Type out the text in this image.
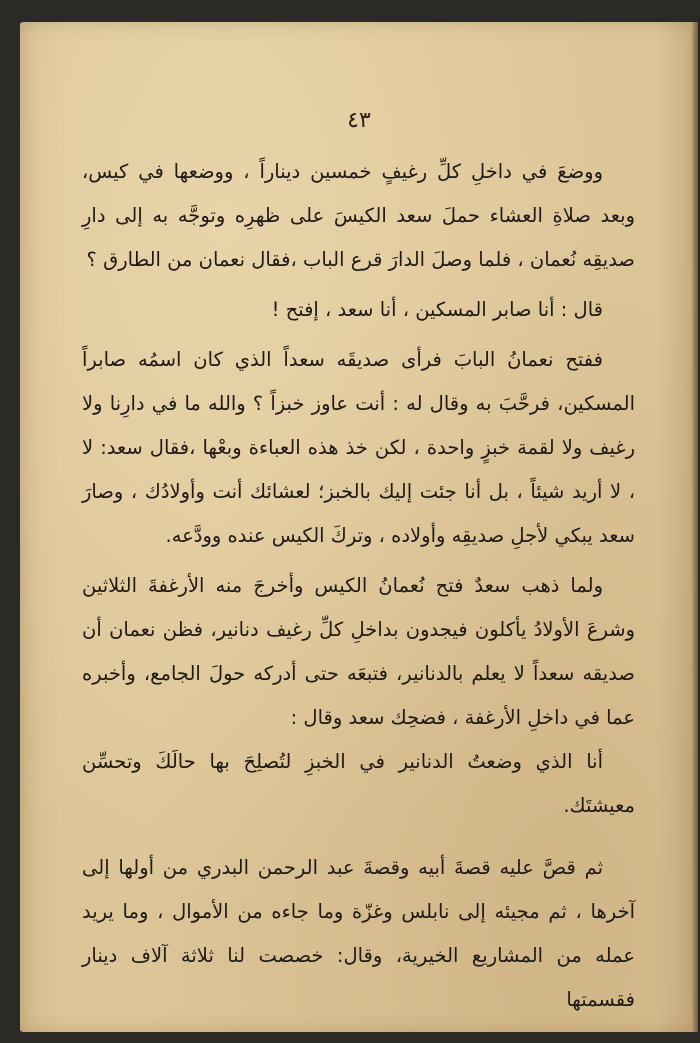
٤٣

ووضعَ في داخلِ كلِّ رغيفٍ خمسين ديناراً ، ووضعها في كيس، وبعد صلاةِ العشاء حملَ سعد الكيسَ على ظهرِه وتوجَّه به إلى دارِ صديقِه نُعمان ، فلما وصلَ الدارَ قرع الباب ،فقال نعمان من الطارق ؟

قال : أنا صابر المسكين ، أنا سعد ، إفتح !

ففتح نعمانُ البابَ فرأى صديقَه سعداً الذي كان اسمُه صابراً المسكين، فرحَّبَ به وقال له : أنت عاوز خبزاً ؟ والله ما في دارِنا ولا رغيف ولا لقمة خبزٍ واحدة ، لكن خذ هذه العباءة وبعْها ،فقال سعد: لا ، لا أريد شيئاً ، بل أنا جئت إليك بالخبز؛ لعشائك أنت وأولادُك ، وصارَ سعد يبكي لأجلِ صديقِه وأولاده ، وتركَ الكيس عنده وودَّعه.

ولما ذهب سعدٌ فتح نُعمانُ الكيس وأخرجَ منه الأرغفةَ الثلاثين وشرعَ الأولادُ يأكلون فيجدون بداخلِ كلِّ رغيف دنانير، فظن نعمان أن صديقه سعداً لا يعلم بالدنانير، فتبعَه حتى أدركه حولَ الجامع، وأخبره عما في داخلِ الأرغفة ، فضحِك سعد وقال :

أنا الذي وضعتُ الدنانير في الخبزِ لتُصلِحَ بها حالَكَ وتحسِّن معيشتَك.

ثم قصَّ عليه قصةَ أبيه وقصةَ عبد الرحمن البدري من أولها إلى آخرها ، ثم مجيئه إلى نابلس وغزّة وما جاءه من الأموال ، وما يريد عمله من المشاريع الخيرية، وقال: خصصت لنا ثلاثة آلاف دينار فقسمتها
